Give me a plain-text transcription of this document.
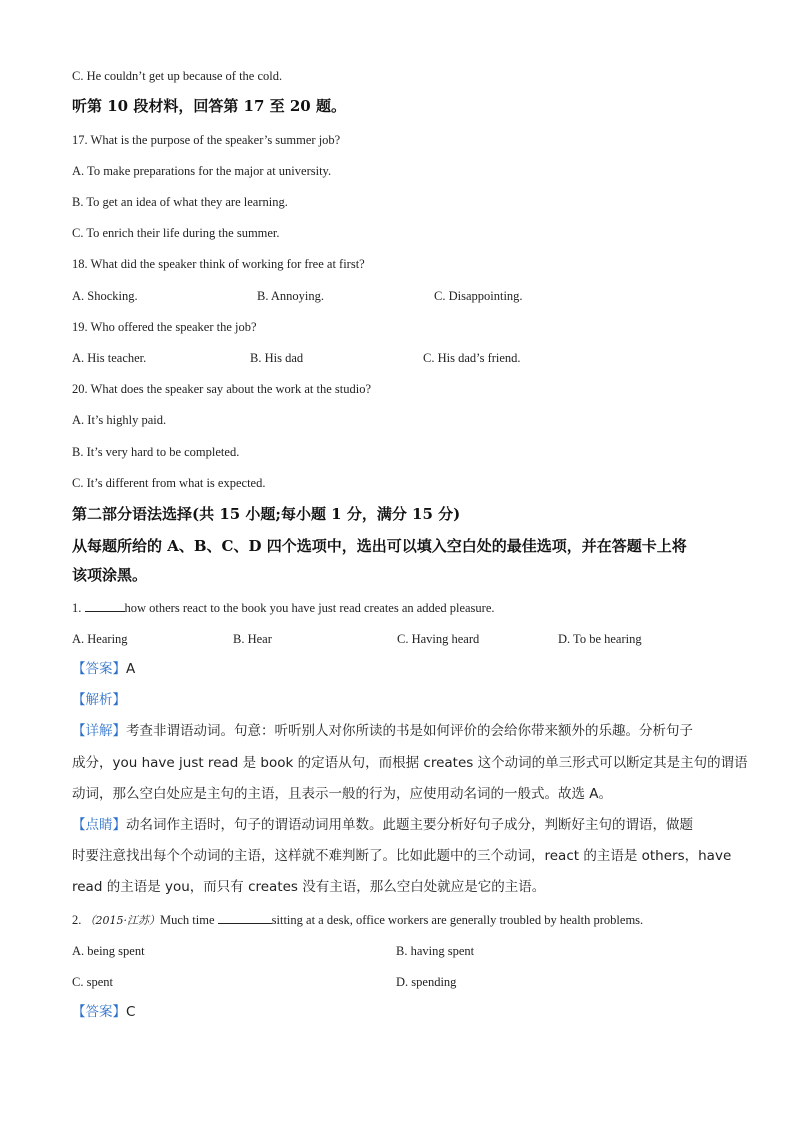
C. He couldn’t get up because of the cold.

听第 10 段材料，回答第 17 至 20 题。

17. What is the purpose of the speaker’s summer job?

A. To make preparations for the major at university.

B. To get an idea of what they are learning.

C. To enrich their life during the summer.

18. What did the speaker think of working for free at first?

A. Shocking.	B. Annoying.	C. Disappointing.

19. Who offered the speaker the job?

A. His teacher.	B. His dad	C. His dad’s friend.

20. What does the speaker say about the work at the studio?

A. It’s highly paid.

B. It’s very hard to be completed.

C. It’s different from what is expected.

第二部分语法选择(共 15 小题;每小题 1 分，满分 15 分)

从每题所给的 A、B、C、D 四个选项中，选出可以填入空白处的最佳选项，并在答题卡上将

该项涂黑。

1.	how others react to the book you have just read creates an added pleasure.

A. Hearing	B. Hear	C. Having heard	D. To be hearing

【答案】A

【解析】

【详解】考查非谓语动词。句意：听听别人对你所读的书是如何评价的会给你带来额外的乐趣。分析句子

成分，you have just read 是 book 的定语从句，而根据 creates 这个动词的单三形式可以断定其是主句的谓语

动词，那么空白处应是主句的主语，且表示一般的行为，应使用动名词的一般式。故选 A。

【点睛】动名词作主语时，句子的谓语动词用单数。此题主要分析好句子成分，判断好主句的谓语，做题

时要注意找出每个个动词的主语，这样就不难判断了。比如此题中的三个动词，react 的主语是 others，have

read 的主语是 you，而只有 creates 没有主语，那么空白处就应是它的主语。

2. （2015·江苏）Much time	sitting at a desk, office workers are generally troubled by health problems.

A. being spent	B. having spent

C. spent	D. spending

【答案】C
